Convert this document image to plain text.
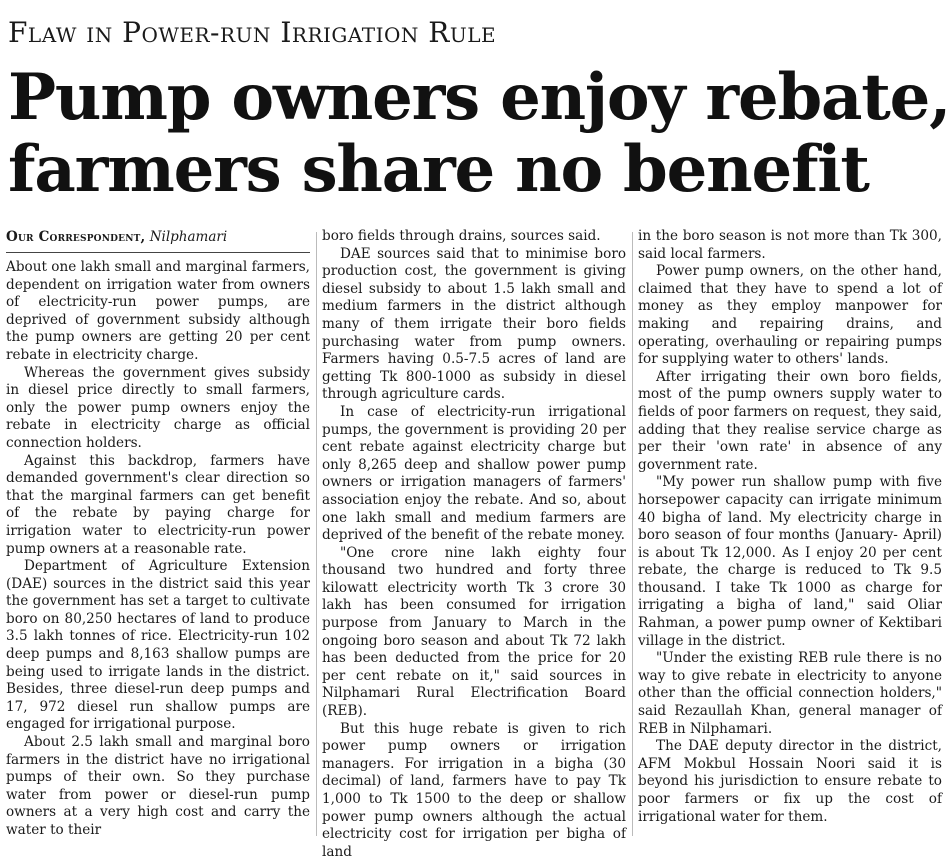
Flaw in Power-run Irrigation Rule
Pump owners enjoy rebate,
farmers share no benefit
Our Correspondent, Nilphamari

About one lakh small and marginal farmers, dependent on irrigation water from owners of electricity-run power pumps, are deprived of government subsidy although the pump owners are getting 20 per cent rebate in electricity charge.

Whereas the government gives subsidy in diesel price directly to small farmers, only the power pump owners enjoy the rebate in electricity charge as official connection holders.

Against this backdrop, farmers have demanded government's clear direction so that the marginal farmers can get benefit of the rebate by paying charge for irrigation water to electricity-run power pump owners at a reasonable rate.

Department of Agriculture Extension (DAE) sources in the district said this year the government has set a target to cultivate boro on 80,250 hectares of land to produce 3.5 lakh tonnes of rice. Electricity-run 102 deep pumps and 8,163 shallow pumps are being used to irrigate lands in the district. Besides, three diesel-run deep pumps and 17, 972 diesel run shallow pumps are engaged for irrigational purpose.

About 2.5 lakh small and marginal boro farmers in the district have no irrigational pumps of their own. So they purchase water from power or diesel-run pump owners at a very high cost and carry the water to their

boro fields through drains, sources said.

DAE sources said that to minimise boro production cost, the government is giving diesel subsidy to about 1.5 lakh small and medium farmers in the district although many of them irrigate their boro fields purchasing water from pump owners. Farmers having 0.5-7.5 acres of land are getting Tk 800-1000 as subsidy in diesel through agriculture cards.

In case of electricity-run irrigational pumps, the government is providing 20 per cent rebate against electricity charge but only 8,265 deep and shallow power pump owners or irrigation managers of farmers' association enjoy the rebate. And so, about one lakh small and medium farmers are deprived of the benefit of the rebate money.

"One crore nine lakh eighty four thousand two hundred and forty three kilowatt electricity worth Tk 3 crore 30 lakh has been consumed for irrigation purpose from January to March in the ongoing boro season and about Tk 72 lakh has been deducted from the price for 20 per cent rebate on it," said sources in Nilphamari Rural Electrification Board (REB).

But this huge rebate is given to rich power pump owners or irrigation managers. For irrigation in a bigha (30 decimal) of land, farmers have to pay Tk 1,000 to Tk 1500 to the deep or shallow power pump owners although the actual electricity cost for irrigation per bigha of land

in the boro season is not more than Tk 300, said local farmers.

Power pump owners, on the other hand, claimed that they have to spend a lot of money as they employ manpower for making and repairing drains, and operating, overhauling or repairing pumps for supplying water to others' lands.

After irrigating their own boro fields, most of the pump owners supply water to fields of poor farmers on request, they said, adding that they realise service charge as per their 'own rate' in absence of any government rate.

"My power run shallow pump with five horsepower capacity can irrigate minimum 40 bigha of land. My electricity charge in boro season of four months (January- April) is about Tk 12,000. As I enjoy 20 per cent rebate, the charge is reduced to Tk 9.5 thousand. I take Tk 1000 as charge for irrigating a bigha of land," said Oliar Rahman, a power pump owner of Kektibari village in the district.

"Under the existing REB rule there is no way to give rebate in electricity to anyone other than the official connection holders," said Rezaullah Khan, general manager of REB in Nilphamari.

The DAE deputy director in the district, AFM Mokbul Hossain Noori said it is beyond his jurisdiction to ensure rebate to poor farmers or fix up the cost of irrigational water for them.
